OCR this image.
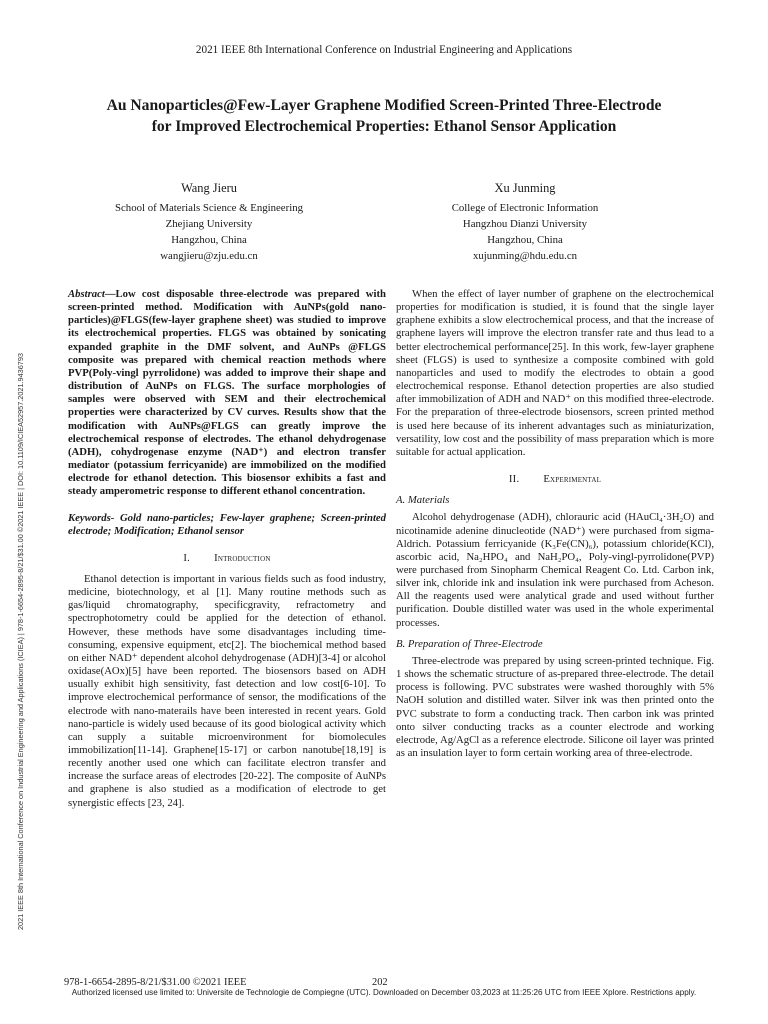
2021 IEEE 8th International Conference on Industrial Engineering and Applications
Au Nanoparticles@Few-Layer Graphene Modified Screen-Printed Three-Electrode
for Improved Electrochemical Properties: Ethanol Sensor Application
Wang Jieru
School of Materials Science & Engineering
Zhejiang University
Hangzhou, China
wangjieru@zju.edu.cn
Xu Junming
College of Electronic Information
Hangzhou Dianzi University
Hangzhou, China
xujunming@hdu.edu.cn
2021 IEEE 8th International Conference on Industrial Engineering and Applications (ICIEA) | 978-1-6654-2895-8/21/$31.00 ©2021 IEEE | DOI: 10.1109/ICIEA52957.2021.9436793
Abstract—Low cost disposable three-electrode was prepared with screen-printed method. Modification with AuNPs(gold nano-particles)@FLGS(few-layer graphene sheet) was studied to improve its electrochemical properties. FLGS was obtained by sonicating expanded graphite in the DMF solvent, and AuNPs @FLGS composite was prepared with chemical reaction methods where PVP(Poly-vingl pyrrolidone) was added to improve their shape and distribution of AuNPs on FLGS. The surface morphologies of samples were observed with SEM and their electrochemical properties were characterized by CV curves. Results show that the modification with AuNPs@FLGS can greatly improve the electrochemical response of electrodes. The ethanol dehydrogenase (ADH), cohydrogenase enzyme (NAD⁺) and electron transfer mediator (potassium ferricyanide) are immobilized on the modified electrode for ethanol detection. This biosensor exhibits a fast and steady amperometric response to different ethanol concentration.
Keywords- Gold nano-particles; Few-layer graphene; Screen-printed electrode; Modification; Ethanol sensor
I. Introduction

Ethanol detection is important in various fields such as food industry, medicine, biotechnology, et al [1]. Many routine methods such as gas/liquid chromatography, specificgravity, refractometry and spectrophotometry could be applied for the detection of ethanol. However, these methods have some disadvantages including time-consuming, expensive equipment, etc[2]. The biochemical method based on either NAD⁺ dependent alcohol dehydrogenase (ADH)[3-4] or alcohol oxidase(AOx)[5] have been reported. The biosensors based on ADH usually exhibit high sensitivity, fast detection and low cost[6-10]. To improve electrochemical performance of sensor, the modifications of the electrode with nano-materails have been interested in recent years. Gold nano-particle is widely used because of its good biological activity which can supply a suitable microenvironment for biomolecules immobilization[11-14]. Graphene[15-17] or carbon nanotube[18,19] is recently another used one which can facilitate electron transfer and increase the surface areas of electrodes [20-22]. The composite of AuNPs and graphene is also studied as a modification of electrode to get synergistic effects [23, 24].

When the effect of layer number of graphene on the electrochemical properties for modification is studied, it is found that the single layer graphene exhibits a slow electrochemical process, and that the increase of graphene layers will improve the electron transfer rate and thus lead to a better electrochemical performance[25]. In this work, few-layer graphene sheet (FLGS) is used to synthesize a composite combined with gold nanoparticles and used to modify the electrodes to obtain a good electrochemical response. Ethanol detection properties are also studied after immobilization of ADH and NAD⁺ on this modified three-electrode. For the preparation of three-electrode biosensors, screen printed method is used here because of its inherent advantages such as miniaturization, versatility, low cost and the possibility of mass preparation which is more suitable for actual application.

II. Experimental
A. Materials

Alcohol dehydrogenase (ADH), chlorauric acid (HAuCl₄·3H₂O) and nicotinamide adenine dinucleotide (NAD⁺) were purchased from sigma-Aldrich. Potassium ferricyanide (K₃Fe(CN)₆), potassium chloride(KCl), ascorbic acid, Na₂HPO₄ and NaH₂PO₄, Poly-vingl-pyrrolidone(PVP) were purchased from Sinopharm Chemical Reagent Co. Ltd. Carbon ink, silver ink, chloride ink and insulation ink were purchased from Acheson. All the reagents used were analytical grade and used without further purification. Double distilled water was used in the whole experimental processes.

B. Preparation of Three-Electrode

Three-electrode was prepared by using screen-printed technique. Fig. 1 shows the schematic structure of as-prepared three-electrode. The detail process is following. PVC substrates were washed thoroughly with 5% NaOH solution and distilled water. Silver ink was then printed onto the PVC substrate to form a conducting track. Then carbon ink was printed onto silver conducting tracks as a counter electrode and working electrode, Ag/AgCl as a reference electrode. Silicone oil layer was printed as an insulation layer to form certain working area of three-electrode.

978-1-6654-2895-8/21/$31.00 ©2021 IEEE	202
Authorized licensed use limited to: Universite de Technologie de Compiegne (UTC). Downloaded on December 03,2023 at 11:25:26 UTC from IEEE Xplore. Restrictions apply.
